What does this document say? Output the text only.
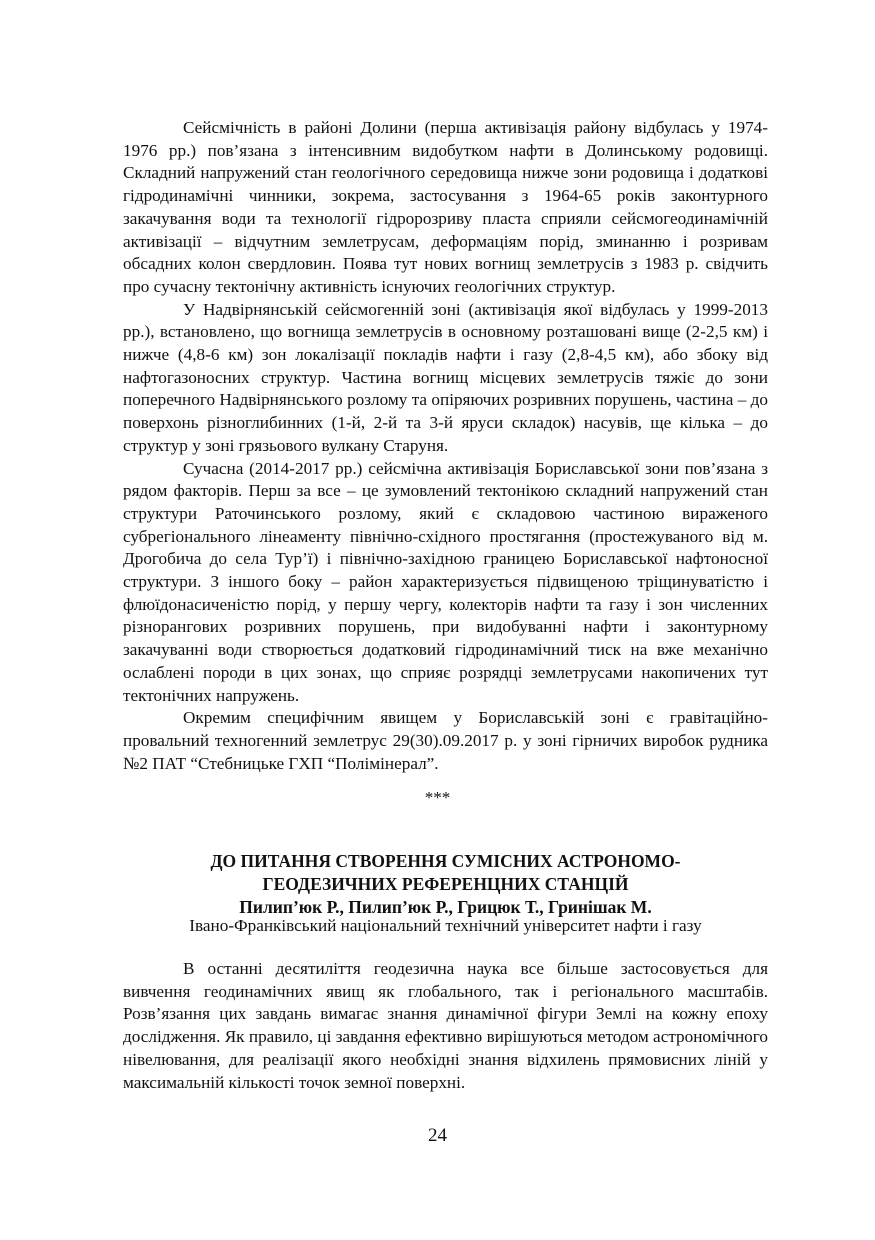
Сейсмічність в районі Долини (перша активізація району відбулась у 1974-1976 рр.) пов’язана з інтенсивним видобутком нафти в Долинському родовищі. Складний напружений стан геологічного середовища нижче зони родовища і додаткові гідродинамічні чинники, зокрема, застосування з 1964-65 років законтурного закачування води та технології гідророзриву пласта сприяли сейсмогеодинамічній активізації – відчутним землетрусам, деформаціям порід, зминанню і розривам обсадних колон свердловин. Поява тут нових вогнищ землетрусів з 1983 р. свідчить про сучасну тектонічну активність існуючих геологічних структур.

У Надвірнянській сейсмогенній зоні (активізація якої відбулась у 1999-2013 рр.), встановлено, що вогнища землетрусів в основному розташовані вище (2-2,5 км) і нижче (4,8-6 км) зон локалізації покладів нафти і газу (2,8-4,5 км), або збоку від нафтогазоносних структур. Частина вогнищ місцевих землетрусів тяжіє до зони поперечного Надвірнянського розлому та опіряючих розривних порушень, частина – до поверхонь різноглибинних (1-й, 2-й та 3-й яруси складок) насувів, ще кілька – до структур у зоні грязьового вулкану Старуня.

Сучасна (2014-2017 рр.) сейсмічна активізація Бориславської зони пов’язана з рядом факторів. Перш за все – це зумовлений тектонікою складний напружений стан структури Раточинського розлому, який є складовою частиною вираженого субрегіонального лінеаменту північно-східного простягання (простежуваного від м. Дрогобича до села Тур’ї) і північно-західною границею Бориславської нафтоносної структури. З іншого боку – район характеризується підвищеною тріщинуватістю і флюїдонасиченістю порід, у першу чергу, колекторів нафти та газу і зон численних різнорангових розривних порушень, при видобуванні нафти і законтурному закачуванні води створюється додатковий гідродинамічний тиск на вже механічно ослаблені породи в цих зонах, що сприяє розрядці землетрусами накопичених тут тектонічних напружень.

Окремим специфічним явищем у Бориславській зоні є гравітаційно-провальний техногенний землетрус 29(30).09.2017 р. у зоні гірничих виробок рудника №2 ПАТ “Стебницьке ГХП “Полімінерал”.

***
ДО ПИТАННЯ СТВОРЕННЯ СУМІСНИХ АСТРОНОМО-
ГЕОДЕЗИЧНИХ РЕФЕРЕНЦНИХ СТАНЦІЙ
Пилип’юк Р., Пилип’юк Р., Грицюк Т., Гринішак М.
Івано-Франківський національний технічний університет нафти і газу

В останні десятиліття геодезична наука все більше застосовується для вивчення геодинамічних явищ як глобального, так і регіонального масштабів. Розв’язання цих завдань вимагає знання динамічної фігури Землі на кожну епоху дослідження. Як правило, ці завдання ефективно вирішуються методом астрономічного нівелювання, для реалізації якого необхідні знання відхилень прямовисних ліній у максимальній кількості точок земної поверхні.

24
